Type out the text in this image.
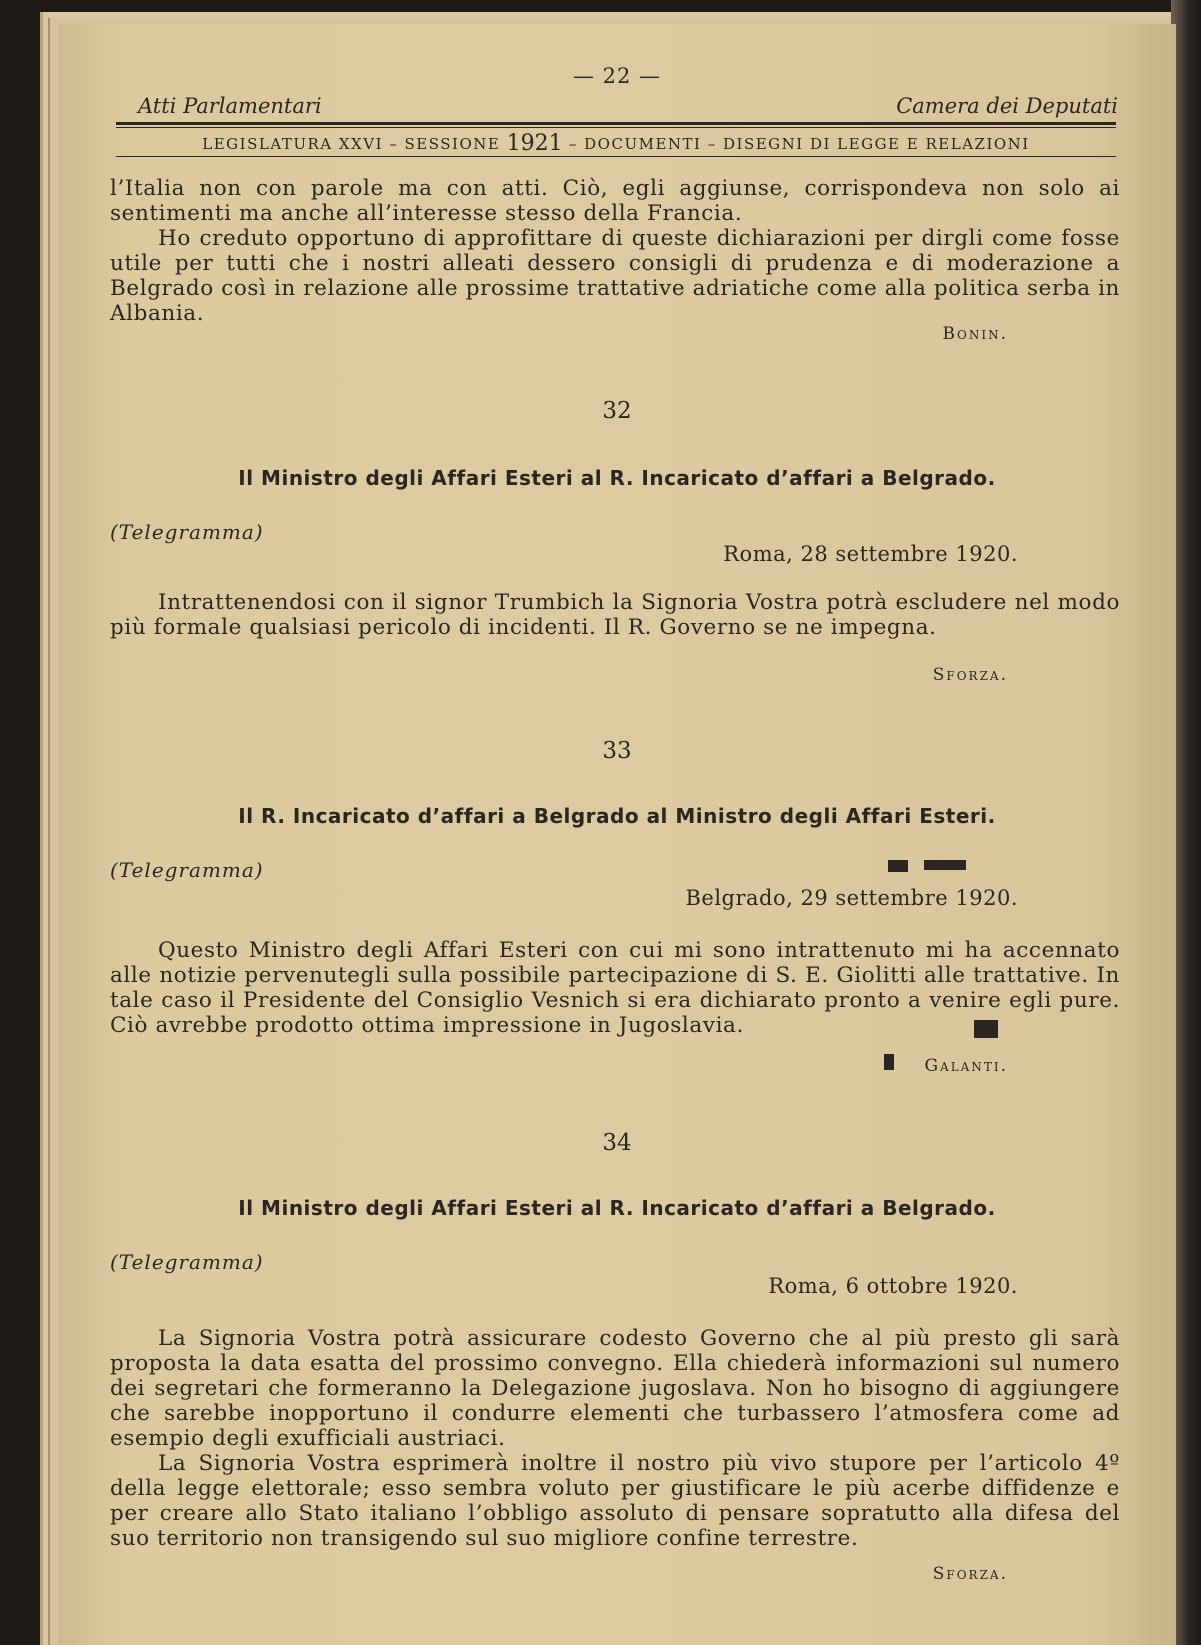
— 22 —
Atti Parlamentari	Camera dei Deputati
LEGISLATURA XXVI – SESSIONE 1921 – DOCUMENTI – DISEGNI DI LEGGE E RELAZIONI

l’Italia non con parole ma con atti. Ciò, egli aggiunse, corrispondeva non solo ai sentimenti ma anche all’interesse stesso della Francia.

Ho creduto opportuno di approfittare di queste dichiarazioni per dirgli come fosse utile per tutti che i nostri alleati dessero consigli di prudenza e di moderazione a Belgrado così in relazione alle prossime trattative adriatiche come alla politica serba in Albania.

Bonin.
32
Il Ministro degli Affari Esteri al R. Incaricato d’affari a Belgrado.
(Telegramma)
Roma, 28 settembre 1920.

Intrattenendosi con il signor Trumbich la Signoria Vostra potrà escludere nel modo più formale qualsiasi pericolo di incidenti. Il R. Governo se ne impegna.

Sforza.
33
Il R. Incaricato d’affari a Belgrado al Ministro degli Affari Esteri.
(Telegramma)
Belgrado, 29 settembre 1920.

Questo Ministro degli Affari Esteri con cui mi sono intrattenuto mi ha accennato alle notizie pervenutegli sulla possibile partecipazione di S. E. Giolitti alle trattative. In tale caso il Presidente del Consiglio Vesnich si era dichiarato pronto a venire egli pure. Ciò avrebbe prodotto ottima impressione in Jugoslavia.

Galanti.
34
Il Ministro degli Affari Esteri al R. Incaricato d’affari a Belgrado.
(Telegramma)
Roma, 6 ottobre 1920.

La Signoria Vostra potrà assicurare codesto Governo che al più presto gli sarà proposta la data esatta del prossimo convegno. Ella chiederà informazioni sul numero dei segretari che formeranno la Delegazione jugoslava. Non ho bisogno di aggiungere che sarebbe inopportuno il condurre elementi che turbassero l’atmosfera come ad esempio degli exufficiali austriaci.

La Signoria Vostra esprimerà inoltre il nostro più vivo stupore per l’articolo 4º della legge elettorale; esso sembra voluto per giustificare le più acerbe diffidenze e per creare allo Stato italiano l’obbligo assoluto di pensare sopratutto alla difesa del suo territorio non transigendo sul suo migliore confine terrestre.

Sforza.
